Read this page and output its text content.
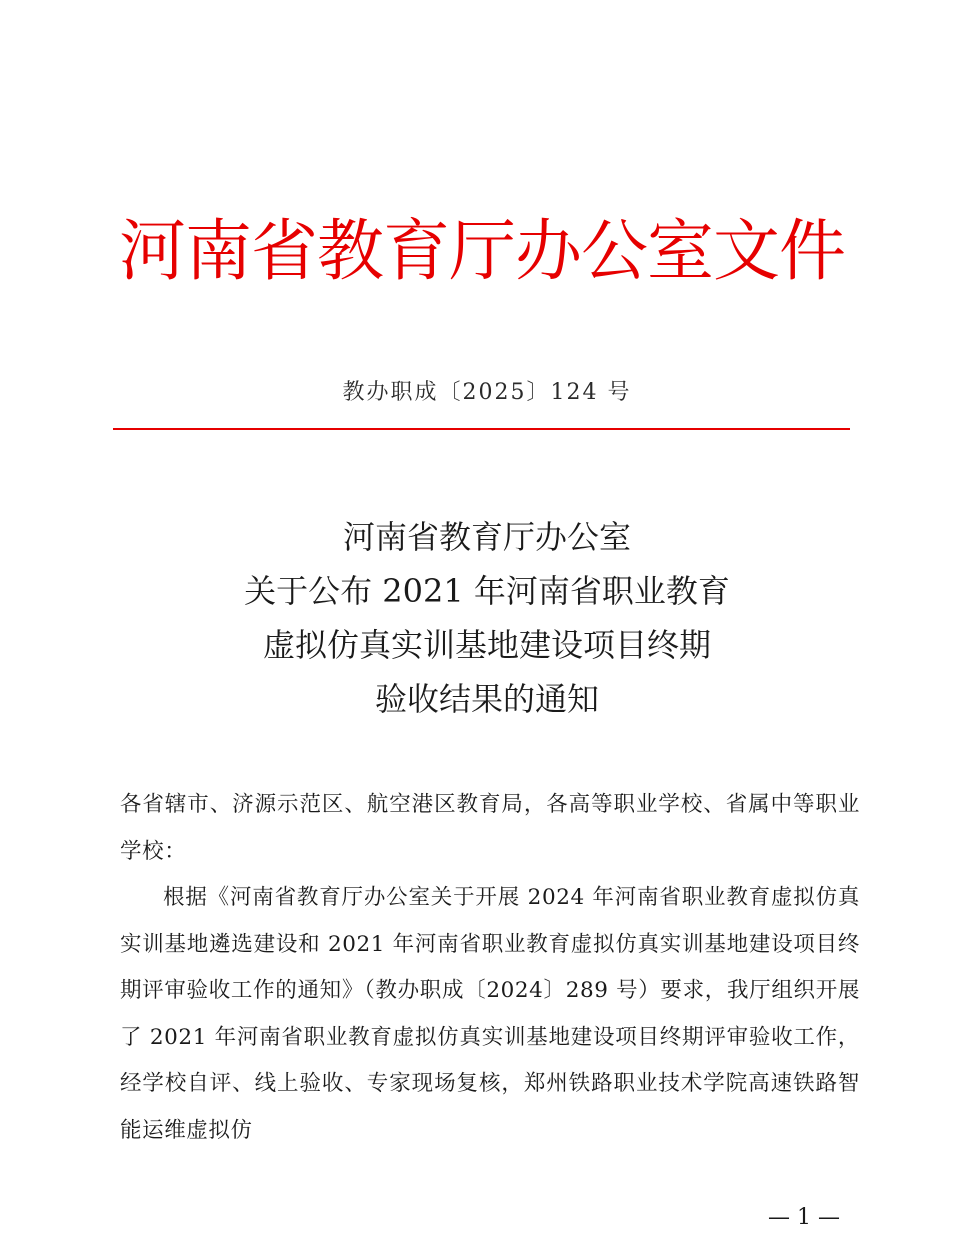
河南省教育厅办公室文件
教办职成〔2025〕124 号
河南省教育厅办公室
关于公布 2021 年河南省职业教育
虚拟仿真实训基地建设项目终期
验收结果的通知

各省辖市、济源示范区、航空港区教育局，各高等职业学校、省属中等职业学校：

根据《河南省教育厅办公室关于开展 2024 年河南省职业教育虚拟仿真实训基地遴选建设和 2021 年河南省职业教育虚拟仿真实训基地建设项目终期评审验收工作的通知》（教办职成〔2024〕289 号）要求，我厅组织开展了 2021 年河南省职业教育虚拟仿真实训基地建设项目终期评审验收工作，经学校自评、线上验收、专家现场复核，郑州铁路职业技术学院高速铁路智能运维虚拟仿

— 1 —
